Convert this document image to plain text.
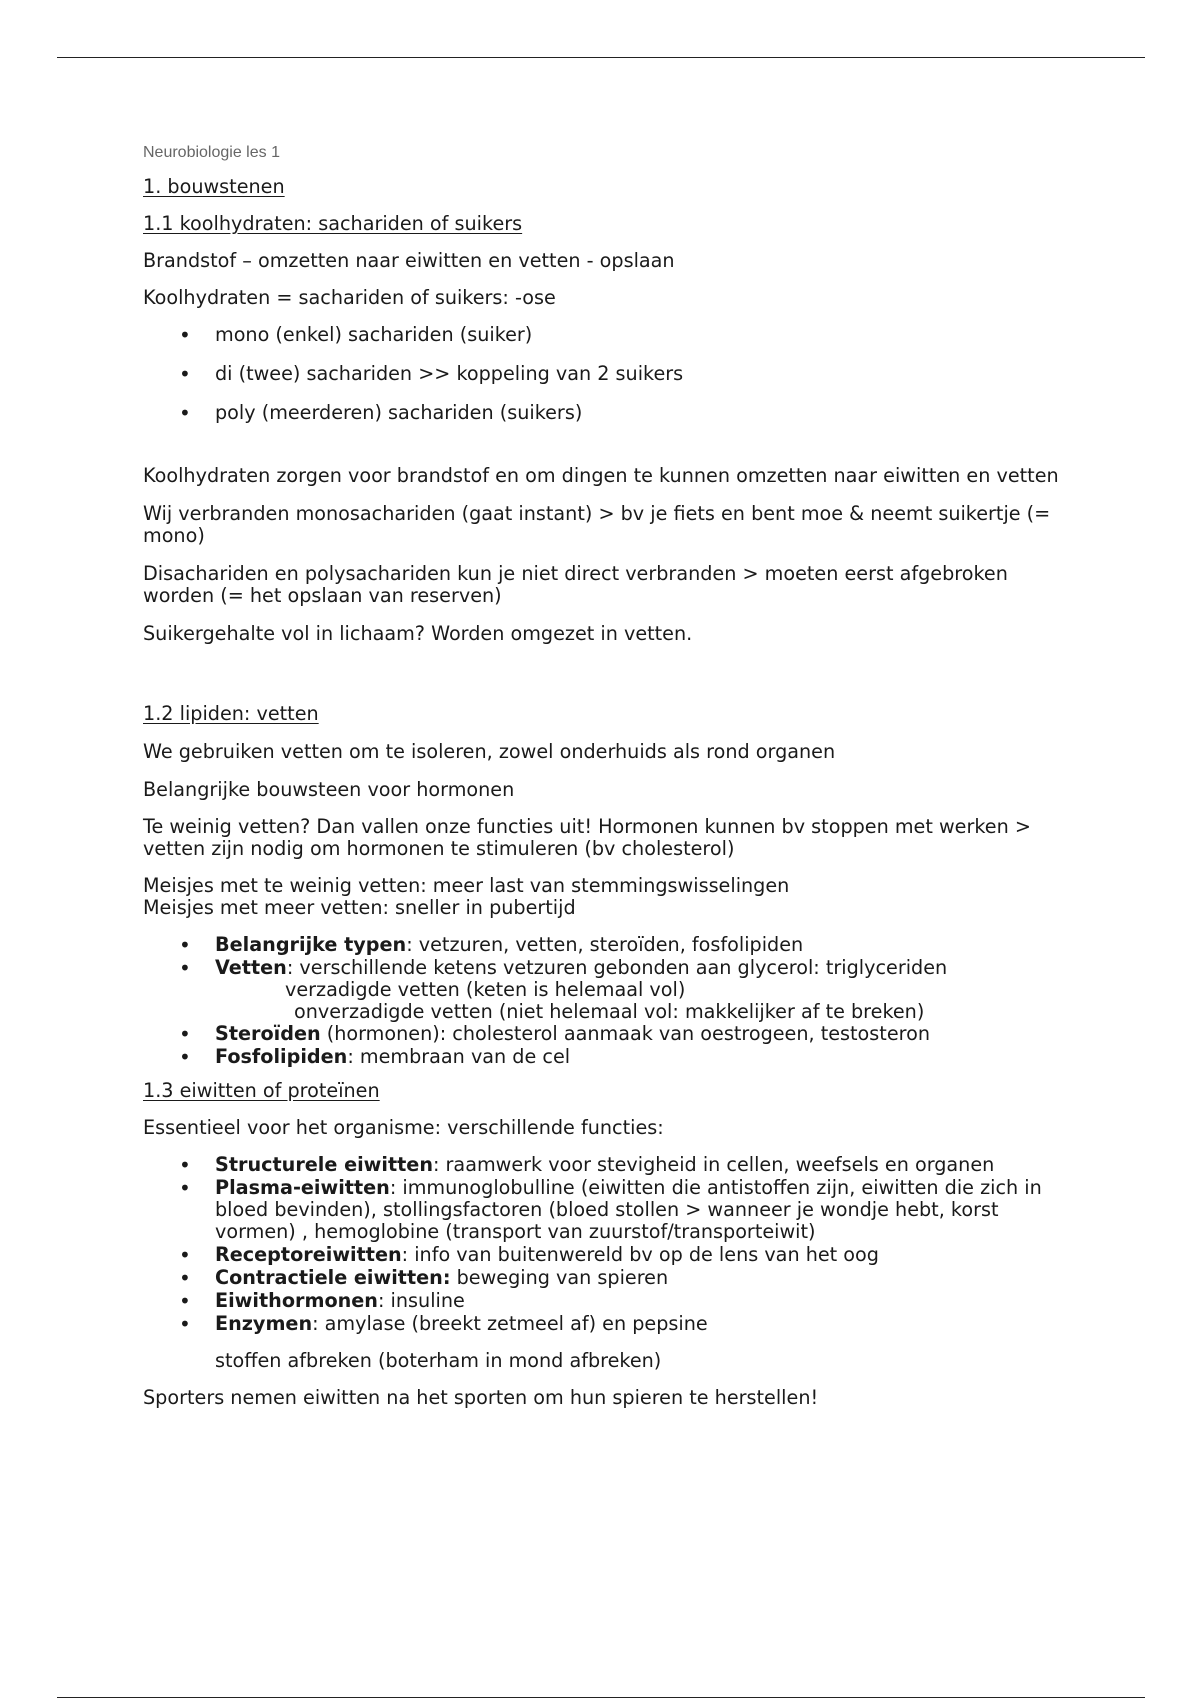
Neurobiologie les 1

1. bouwstenen

1.1 koolhydraten: sachariden of suikers

Brandstof – omzetten naar eiwitten en vetten - opslaan

Koolhydraten = sachariden of suikers: -ose

• mono (enkel) sachariden (suiker)
• di (twee) sachariden >> koppeling van 2 suikers
• poly (meerderen) sachariden (suikers)

Koolhydraten zorgen voor brandstof en om dingen te kunnen omzetten naar eiwitten en vetten

Wij verbranden monosachariden (gaat instant) > bv je fiets en bent moe & neemt suikertje (= mono)

Disachariden en polysachariden kun je niet direct verbranden > moeten eerst afgebroken worden (= het opslaan van reserven)

Suikergehalte vol in lichaam? Worden omgezet in vetten.

1.2 lipiden: vetten

We gebruiken vetten om te isoleren, zowel onderhuids als rond organen

Belangrijke bouwsteen voor hormonen

Te weinig vetten? Dan vallen onze functies uit! Hormonen kunnen bv stoppen met werken > vetten zijn nodig om hormonen te stimuleren (bv cholesterol)

Meisjes met te weinig vetten: meer last van stemmingswisselingen

Meisjes met meer vetten: sneller in pubertijd

• Belangrijke typen: vetzuren, vetten, steroïden, fosfolipiden
• Vetten: verschillende ketens vetzuren gebonden aan glycerol: triglyceriden

verzadigde vetten (keten is helemaal vol)

onverzadigde vetten (niet helemaal vol: makkelijker af te breken)

• Steroïden (hormonen): cholesterol aanmaak van oestrogeen, testosteron
• Fosfolipiden: membraan van de cel

1.3 eiwitten of proteïnen

Essentieel voor het organisme: verschillende functies:

• Structurele eiwitten: raamwerk voor stevigheid in cellen, weefsels en organen
• Plasma-eiwitten: immunoglobulline (eiwitten die antistoffen zijn, eiwitten die zich in bloed bevinden), stollingsfactoren (bloed stollen > wanneer je wondje hebt, korst vormen) , hemoglobine (transport van zuurstof/transporteiwit)
• Receptoreiwitten: info van buitenwereld bv op de lens van het oog
• Contractiele eiwitten: beweging van spieren
• Eiwithormonen: insuline
• Enzymen: amylase (breekt zetmeel af) en pepsine

stoffen afbreken (boterham in mond afbreken)

Sporters nemen eiwitten na het sporten om hun spieren te herstellen!
